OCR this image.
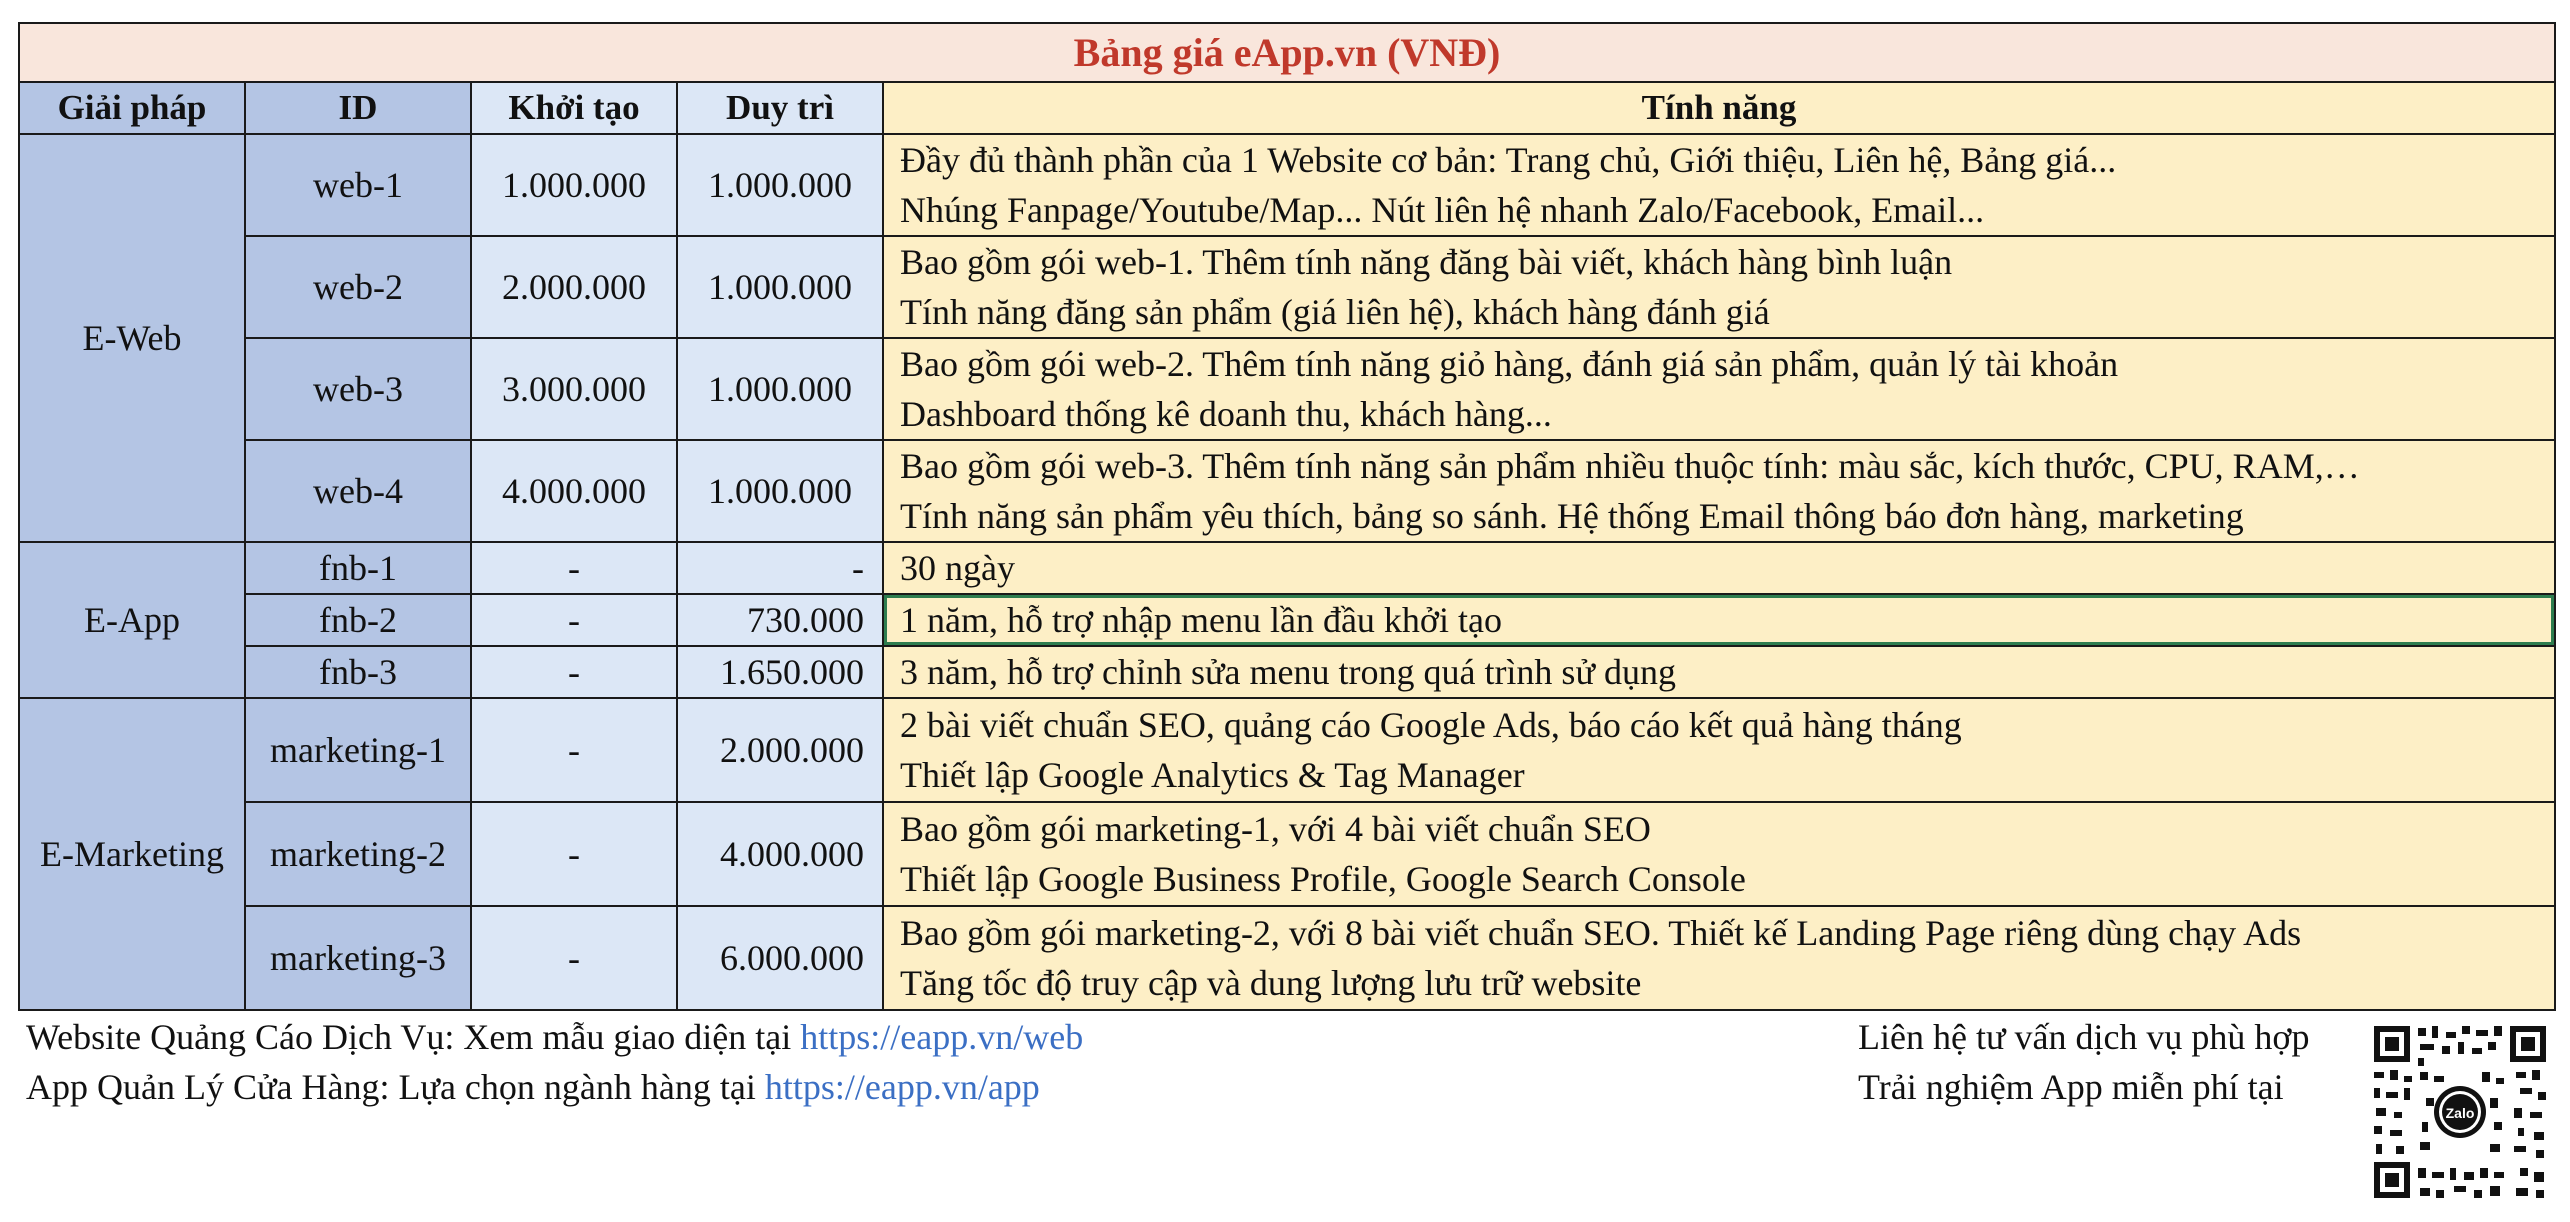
Bảng giá eApp.vn (VNĐ)				
Giải pháp	ID	Khởi tạo	Duy trì	Tính năng
E-Web	web-1	1.000.000	1.000.000	Đầy đủ thành phần của 1 Website cơ bản: Trang chủ, Giới thiệu, Liên hệ, Bảng giá...
Nhúng Fanpage/Youtube/Map... Nút liên hệ nhanh Zalo/Facebook, Email...

	web-2	2.000.000	1.000.000	Bao gồm gói web-1. Thêm tính năng đăng bài viết, khách hàng bình luận
Tính năng đăng sản phẩm (giá liên hệ), khách hàng đánh giá

	web-3	3.000.000	1.000.000	Bao gồm gói web-2. Thêm tính năng giỏ hàng, đánh giá sản phẩm, quản lý tài khoản
Dashboard thống kê doanh thu, khách hàng...

	web-4	4.000.000	1.000.000	Bao gồm gói web-3. Thêm tính năng sản phẩm nhiều thuộc tính: màu sắc, kích thước, CPU, RAM,…
Tính năng sản phẩm yêu thích, bảng so sánh. Hệ thống Email thông báo đơn hàng, marketing

E-App	fnb-1	-	-	30 ngày

	fnb-2	-	730.000	1 năm, hỗ trợ nhập menu lần đầu khởi tạo

	fnb-3	-	1.650.000	3 năm, hỗ trợ chỉnh sửa menu trong quá trình sử dụng

E-Marketing	marketing-1	-	2.000.000	2 bài viết chuẩn SEO, quảng cáo Google Ads, báo cáo kết quả hàng tháng
Thiết lập Google Analytics & Tag Manager

	marketing-2	-	4.000.000	Bao gồm gói marketing-1, với 4 bài viết chuẩn SEO
Thiết lập Google Business Profile, Google Search Console

	marketing-3	-	6.000.000	Bao gồm gói marketing-2, với 8 bài viết chuẩn SEO. Thiết kế Landing Page riêng dùng chạy Ads
Tăng tốc độ truy cập và dung lượng lưu trữ website
Website Quảng Cáo Dịch Vụ: Xem mẫu giao diện tại https://eapp.vn/web
App Quản Lý Cửa Hàng: Lựa chọn ngành hàng tại https://eapp.vn/app
Liên hệ tư vấn dịch vụ phù hợp
Trải nghiệm App miễn phí tại
Zalo
